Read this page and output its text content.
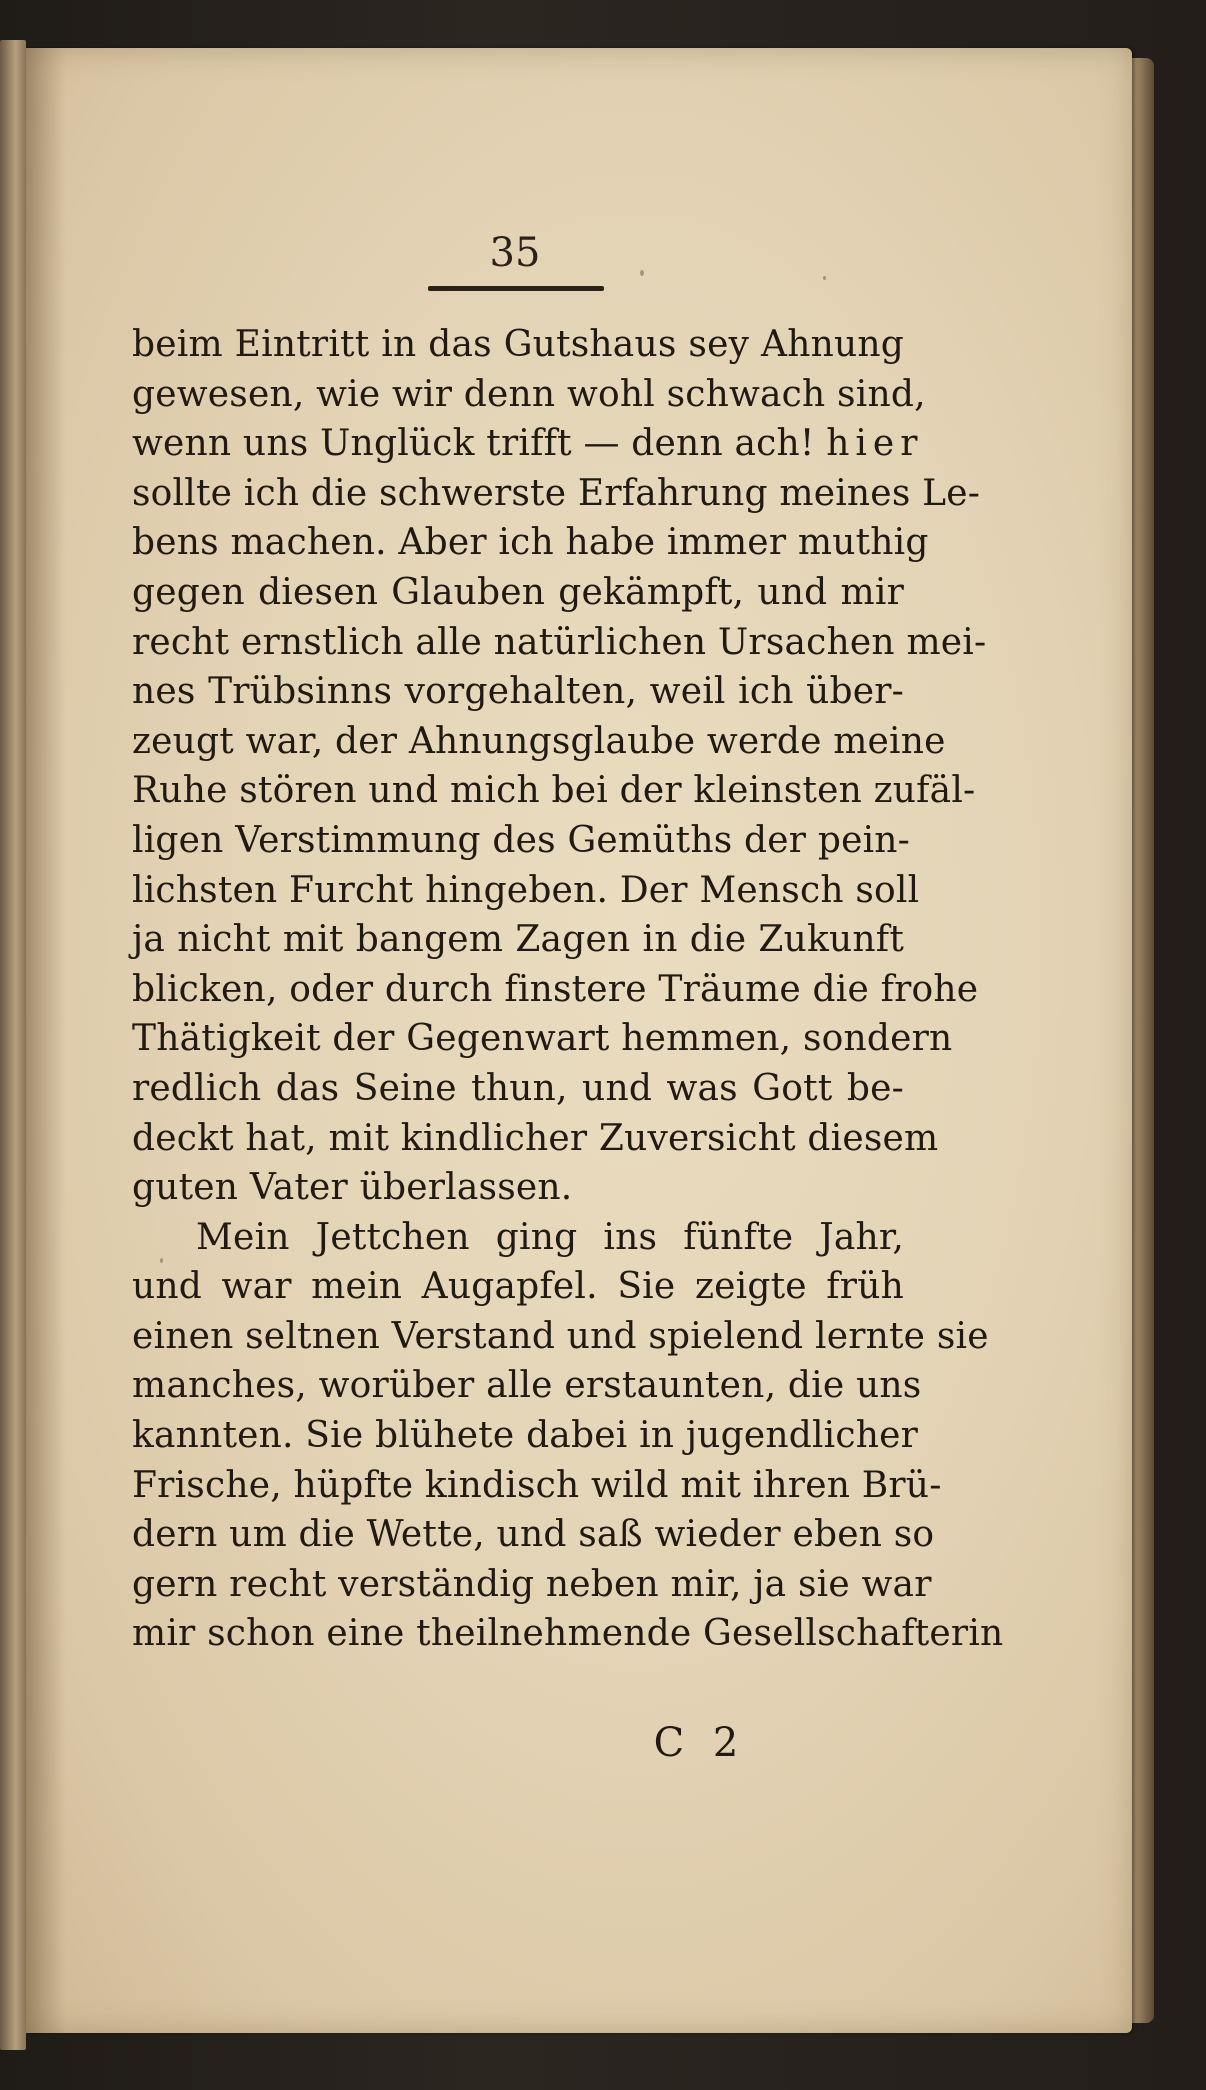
35
beim Eintritt in das Gutshaus sey Ahnung
gewesen, wie wir denn wohl schwach sind,
wenn uns Unglück trifft — denn ach! hier
sollte ich die schwerste Erfahrung meines Le-
bens machen. Aber ich habe immer muthig
gegen diesen Glauben gekämpft, und mir
recht ernstlich alle natürlichen Ursachen mei-
nes Trübsinns vorgehalten, weil ich über-
zeugt war, der Ahnungsglaube werde meine
Ruhe stören und mich bei der kleinsten zufäl-
ligen Verstimmung des Gemüths der pein-
lichsten Furcht hingeben. Der Mensch soll
ja nicht mit bangem Zagen in die Zukunft
blicken, oder durch finstere Träume die frohe
Thätigkeit der Gegenwart hemmen, sondern
redlich das Seine thun, und was Gott be-
deckt hat, mit kindlicher Zuversicht diesem
guten Vater überlassen.
Mein Jettchen ging ins fünfte Jahr,
und war mein Augapfel. Sie zeigte früh
einen seltnen Verstand und spielend lernte sie
manches, worüber alle erstaunten, die uns
kannten. Sie blühete dabei in jugendlicher
Frische, hüpfte kindisch wild mit ihren Brü-
dern um die Wette, und saß wieder eben so
gern recht verständig neben mir, ja sie war
mir schon eine theilnehmende Gesellschafterin
C 2
